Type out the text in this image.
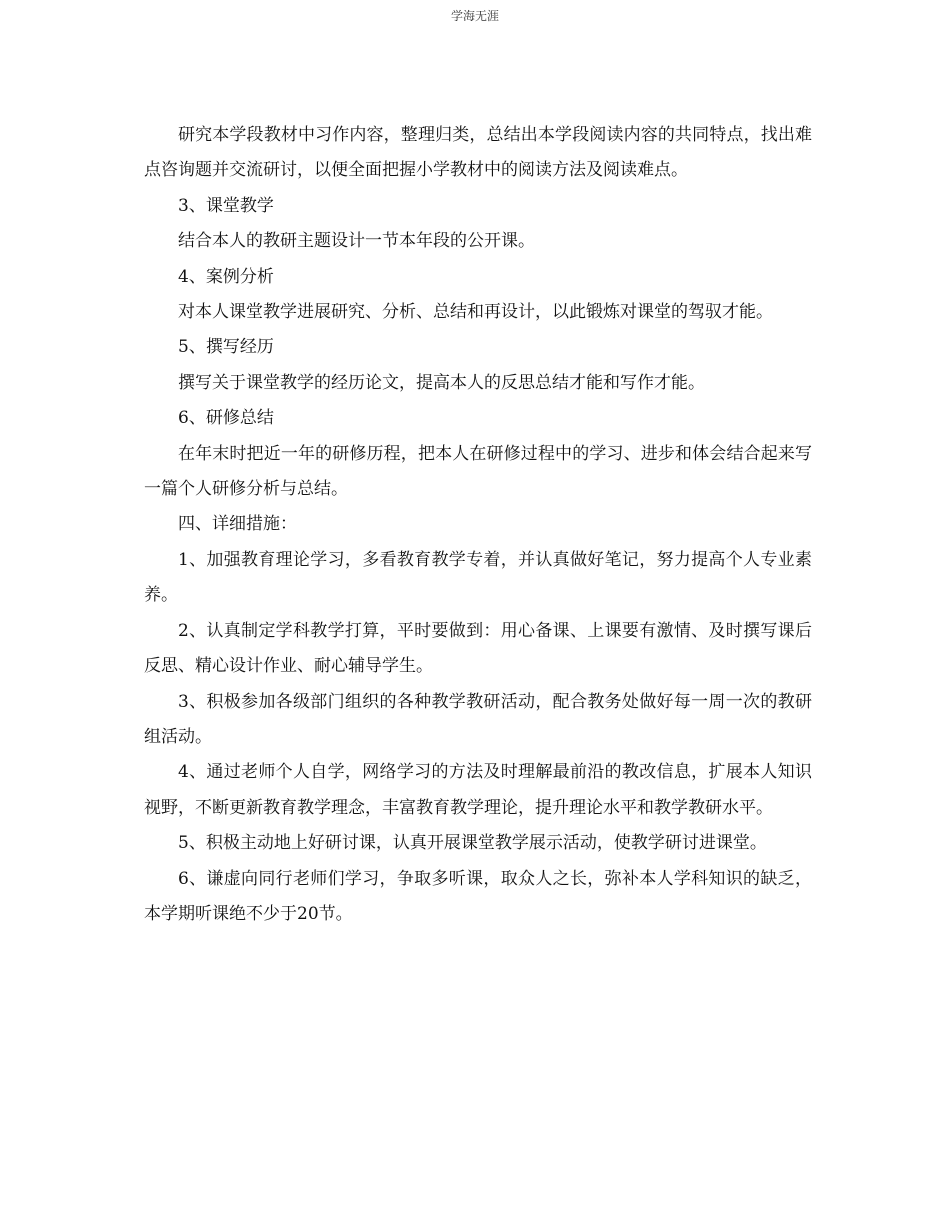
学海无涯

研究本学段教材中习作内容，整理归类，总结出本学段阅读内容的共同特点，找出难点咨询题并交流研讨，以便全面把握小学教材中的阅读方法及阅读难点。

3、课堂教学

结合本人的教研主题设计一节本年段的公开课。

4、案例分析

对本人课堂教学进展研究、分析、总结和再设计，以此锻炼对课堂的驾驭才能。

5、撰写经历

撰写关于课堂教学的经历论文，提高本人的反思总结才能和写作才能。

6、研修总结

在年末时把近一年的研修历程，把本人在研修过程中的学习、进步和体会结合起来写一篇个人研修分析与总结。

四、详细措施：

1、加强教育理论学习，多看教育教学专着，并认真做好笔记，努力提高个人专业素养。

2、认真制定学科教学打算，平时要做到：用心备课、上课要有激情、及时撰写课后反思、精心设计作业、耐心辅导学生。

3、积极参加各级部门组织的各种教学教研活动，配合教务处做好每一周一次的教研组活动。

4、通过老师个人自学，网络学习的方法及时理解最前沿的教改信息，扩展本人知识视野，不断更新教育教学理念，丰富教育教学理论，提升理论水平和教学教研水平。

5、积极主动地上好研讨课，认真开展课堂教学展示活动，使教学研讨进课堂。

6、谦虚向同行老师们学习，争取多听课，取众人之长，弥补本人学科知识的缺乏，本学期听课绝不少于20节。
